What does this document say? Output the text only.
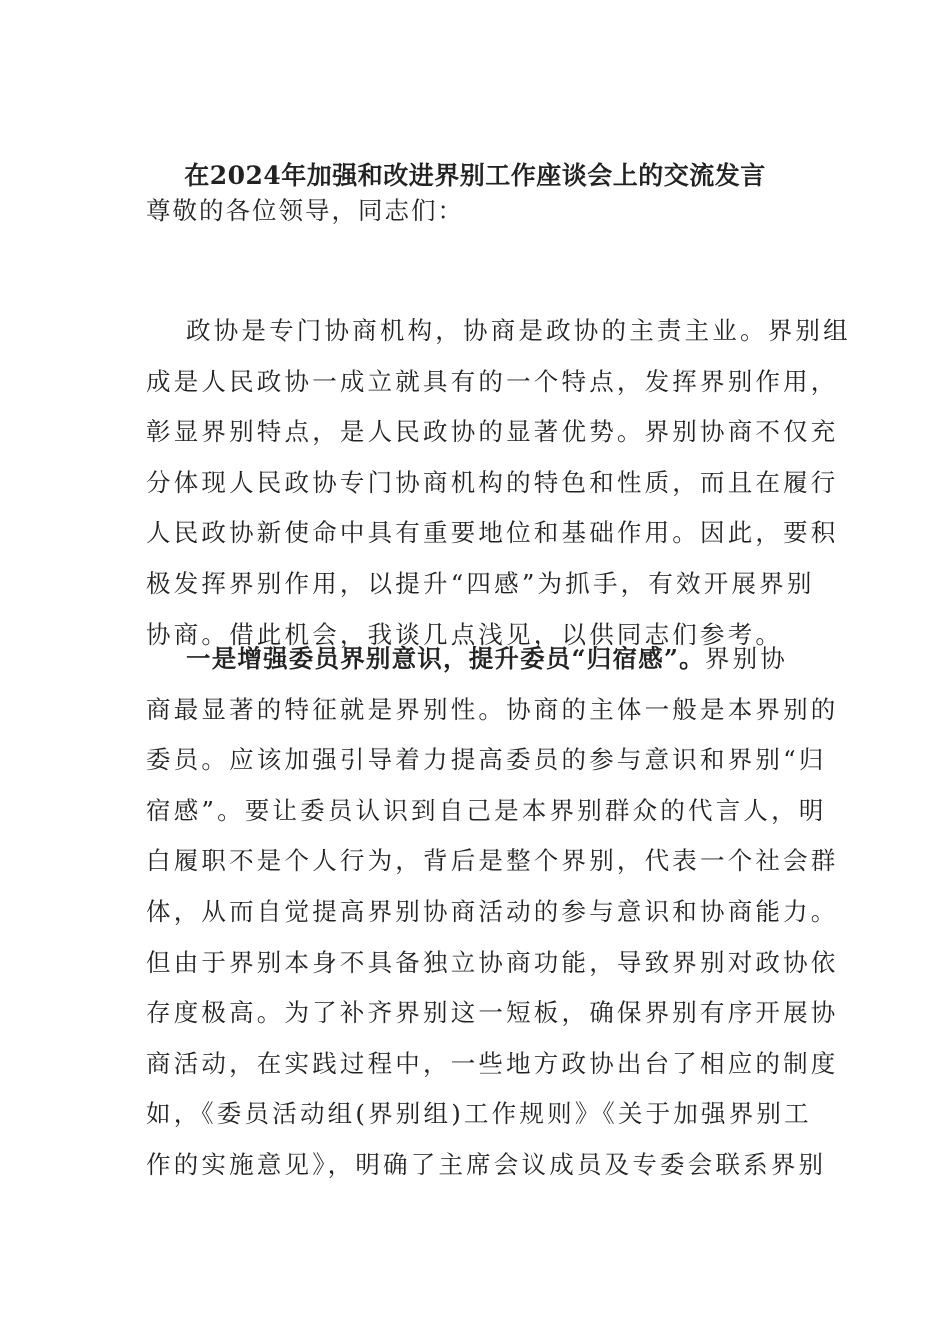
在2024年加强和改进界别工作座谈会上的交流发言
尊敬的各位领导，同志们：
政协是专门协商机构，协商是政协的主责主业。界别组
成是人民政协一成立就具有的一个特点，发挥界别作用，
彰显界别特点，是人民政协的显著优势。界别协商不仅充
分体现人民政协专门协商机构的特色和性质，而且在履行
人民政协新使命中具有重要地位和基础作用。因此，要积
极发挥界别作用，以提升“四感”为抓手，有效开展界别
协商。借此机会，我谈几点浅见，以供同志们参考。
一是增强委员界别意识，提升委员“归宿感”。界别协
商最显著的特征就是界别性。协商的主体一般是本界别的
委员。应该加强引导着力提高委员的参与意识和界别“归
宿感”。要让委员认识到自己是本界别群众的代言人，明
白履职不是个人行为，背后是整个界别，代表一个社会群
体，从而自觉提高界别协商活动的参与意识和协商能力。
但由于界别本身不具备独立协商功能，导致界别对政协依
存度极高。为了补齐界别这一短板，确保界别有序开展协
商活动，在实践过程中，一些地方政协出台了相应的制度
如，《委员活动组(界别组)工作规则》《关于加强界别工
作的实施意见》，明确了主席会议成员及专委会联系界别
